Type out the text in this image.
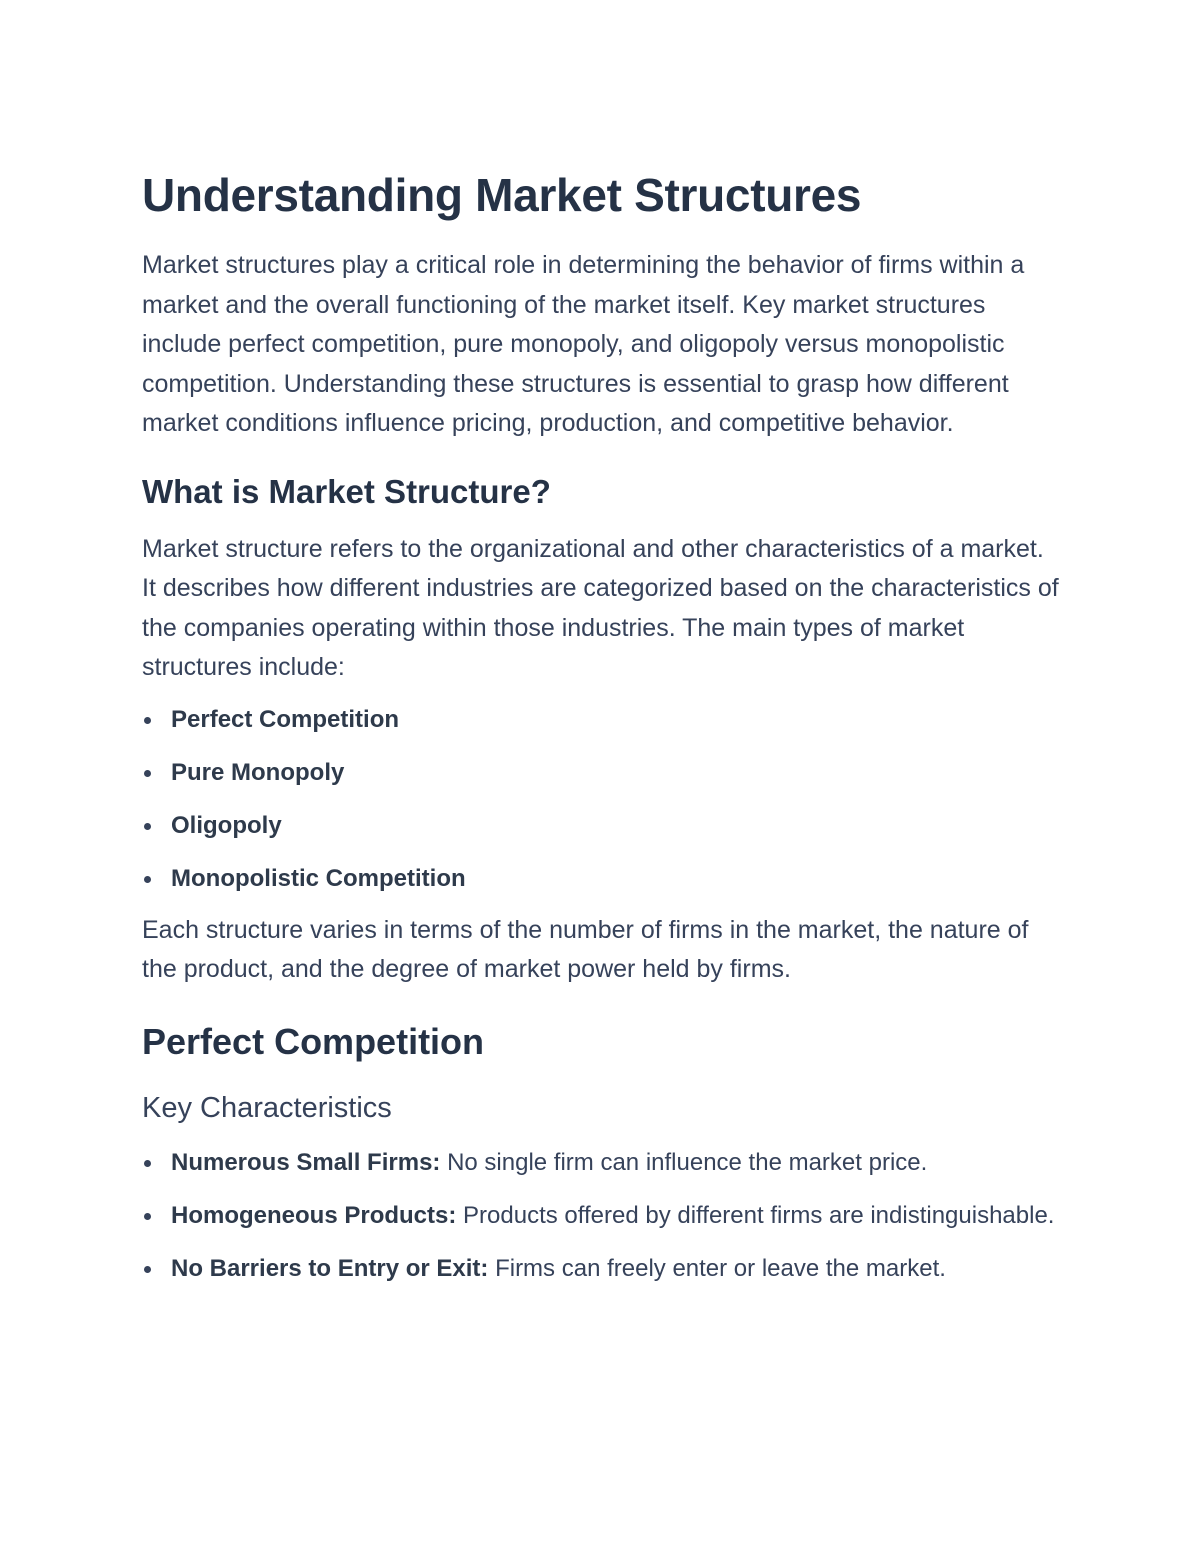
Understanding Market Structures

Market structures play a critical role in determining the behavior of firms within a market and the overall functioning of the market itself. Key market structures include perfect competition, pure monopoly, and oligopoly versus monopolistic competition. Understanding these structures is essential to grasp how different market conditions influence pricing, production, and competitive behavior.

What is Market Structure?

Market structure refers to the organizational and other characteristics of a market. It describes how different industries are categorized based on the characteristics of the companies operating within those industries. The main types of market structures include:

Perfect Competition
Pure Monopoly
Oligopoly
Monopolistic Competition

Each structure varies in terms of the number of firms in the market, the nature of the product, and the degree of market power held by firms.

Perfect Competition
Key Characteristics
Numerous Small Firms: No single firm can influence the market price.
Homogeneous Products: Products offered by different firms are indistinguishable.
No Barriers to Entry or Exit: Firms can freely enter or leave the market.
